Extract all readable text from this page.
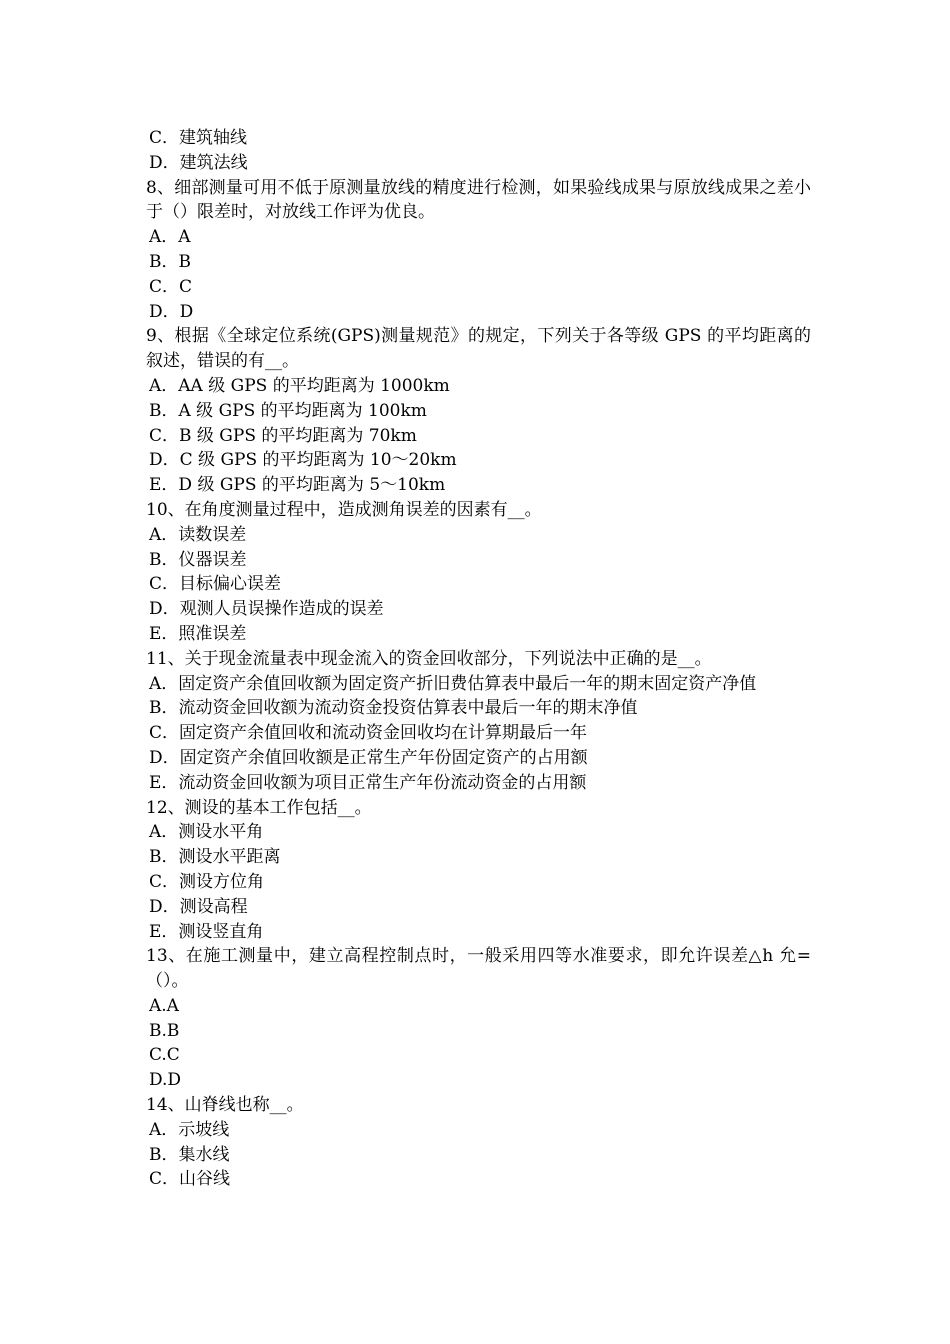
C．建筑轴线
D．建筑法线
8、细部测量可用不低于原测量放线的精度进行检测，如果验线成果与原放线成果之差小于（）限差时，对放线工作评为优良。
A．A
B．B
C．C
D．D
9、根据《全球定位系统(GPS)测量规范》的规定，下列关于各等级 GPS 的平均距离的叙述，错误的有__。
A．AA 级 GPS 的平均距离为 1000km
B．A 级 GPS 的平均距离为 100km
C．B 级 GPS 的平均距离为 70km
D．C 级 GPS 的平均距离为 10～20km
E．D 级 GPS 的平均距离为 5～10km
10、在角度测量过程中，造成测角误差的因素有__。
A．读数误差
B．仪器误差
C．目标偏心误差
D．观测人员误操作造成的误差
E．照准误差
11、关于现金流量表中现金流入的资金回收部分，下列说法中正确的是__。
A．固定资产余值回收额为固定资产折旧费估算表中最后一年的期末固定资产净值
B．流动资金回收额为流动资金投资估算表中最后一年的期末净值
C．固定资产余值回收和流动资金回收均在计算期最后一年
D．固定资产余值回收额是正常生产年份固定资产的占用额
E．流动资金回收额为项目正常生产年份流动资金的占用额
12、测设的基本工作包括__。
A．测设水平角
B．测设水平距离
C．测设方位角
D．测设高程
E．测设竖直角
13、在施工测量中，建立高程控制点时，一般采用四等水准要求，即允许误差△h 允=（）。
A.A
B.B
C.C
D.D
14、山脊线也称__。
A．示坡线
B．集水线
C．山谷线
